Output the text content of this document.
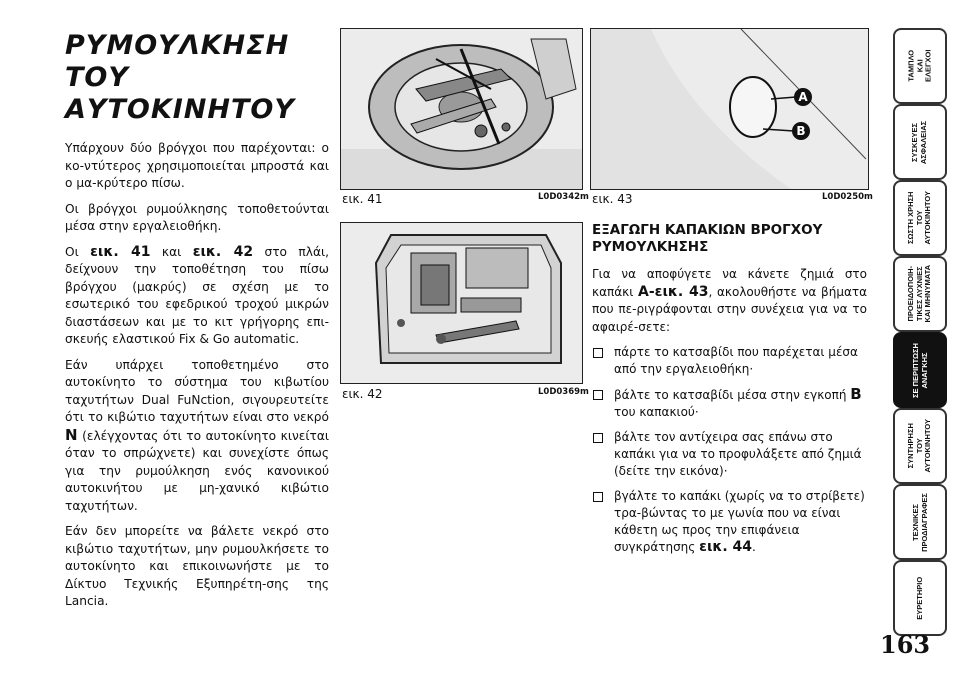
ΡΥΜΟΥΛΚΗΣΗ ΤΟΥ
ΑΥΤΟΚΙΝΗΤΟΥ

Υπάρχουν δύο βρόγχοι που παρέχονται: ο κο-ντύτερος χρησιμοποιείται μπροστά και ο μα-κρύτερο πίσω.

Οι βρόγχοι ρυμούλκησης τοποθετούνται μέσα στην εργαλειοθήκη.

Οι εικ. 41 και εικ. 42 στο πλάι, δείχνουν την τοποθέτηση του πίσω βρόγχου (μακρύς) σε σχέση με το εσωτερικό του εφεδρικού τροχού μικρών διαστάσεων και με το κιτ γρήγορης επι-σκευής ελαστικού Fix & Go automatic.

Εάν υπάρχει τοποθετημένο στο αυτοκίνητο το σύστημα του κιβωτίου ταχυτήτων Dual FuNction, σιγουρευτείτε ότι το κιβώτιο ταχυτήτων είναι στο νεκρό N (ελέγχοντας ότι το αυτοκίνητο κινείται όταν το σπρώχνετε) και συνεχίστε όπως για την ρυμούλκηση ενός κανονικού αυτοκινήτου με μη-χανικό κιβώτιο ταχυτήτων.

Εάν δεν μπορείτε να βάλετε νεκρό στο κιβώτιο ταχυτήτων, μην ρυμουλκήσετε το αυτοκίνητο και επικοινωνήστε με το Δίκτυο Τεχνικής Εξυπηρέτη-σης της Lancia.

εικ. 41	L0D0342m
εικ. 42	L0D0369m
A
B
εικ. 43	L0D0250m
ΕΞΑΓΩΓΗ ΚΑΠΑΚΙΩΝ ΒΡΟΓΧΟΥ ΡΥΜΟΥΛΚΗΣΗΣ

Για να αποφύγετε να κάνετε ζημιά στο καπάκι A-εικ. 43, ακολουθήστε να βήματα που πε-ριγράφονται στην συνέχεια για να το αφαιρέ-σετε:

πάρτε το κατσαβίδι που παρέχεται μέσα από την εργαλειοθήκη·
βάλτε το κατσαβίδι μέσα στην εγκοπή B του καπακιού·
βάλτε τον αντίχειρα σας επάνω στο καπάκι για να το προφυλάξετε από ζημιά (δείτε την εικόνα)·
βγάλτε το καπάκι (χωρίς να το στρίβετε) τρα-βώντας το με γωνία που να είναι κάθετη ως προς την επιφάνεια συγκράτησης εικ. 44.
ΤΑΜΠΛΟ
ΚΑΙ
ΕΛΕΓΧΟΙ
ΣΥΣΚΕΥΕΣ
ΑΣΦΑΛΕΙΑΣ
ΣΩΣΤΗ ΧΡΗΣΗ
ΤΟΥ
ΑΥΤΟΚΙΝΗΤΟΥ
ΠΡΟΕΙΔΟΠΟΙΗ-
ΤΙΚΕΣ ΛΥΧΝΙΕΣ
ΚΑΙ ΜΗΝΥΜΑΤΑ
ΣΕ ΠΕΡΙΠΤΩΣΗ
ΑΝΑΓΚΗΣ
ΣΥΝΤΗΡΗΣΗ
ΤΟΥ
ΑΥΤΟΚΙΝΗΤΟΥ
ΤΕΧΝΙΚΕΣ
ΠΡΟΔΙΑΓΡΑΦΕΣ
ΕΥΡΕΤΗΡΙΟ
163
